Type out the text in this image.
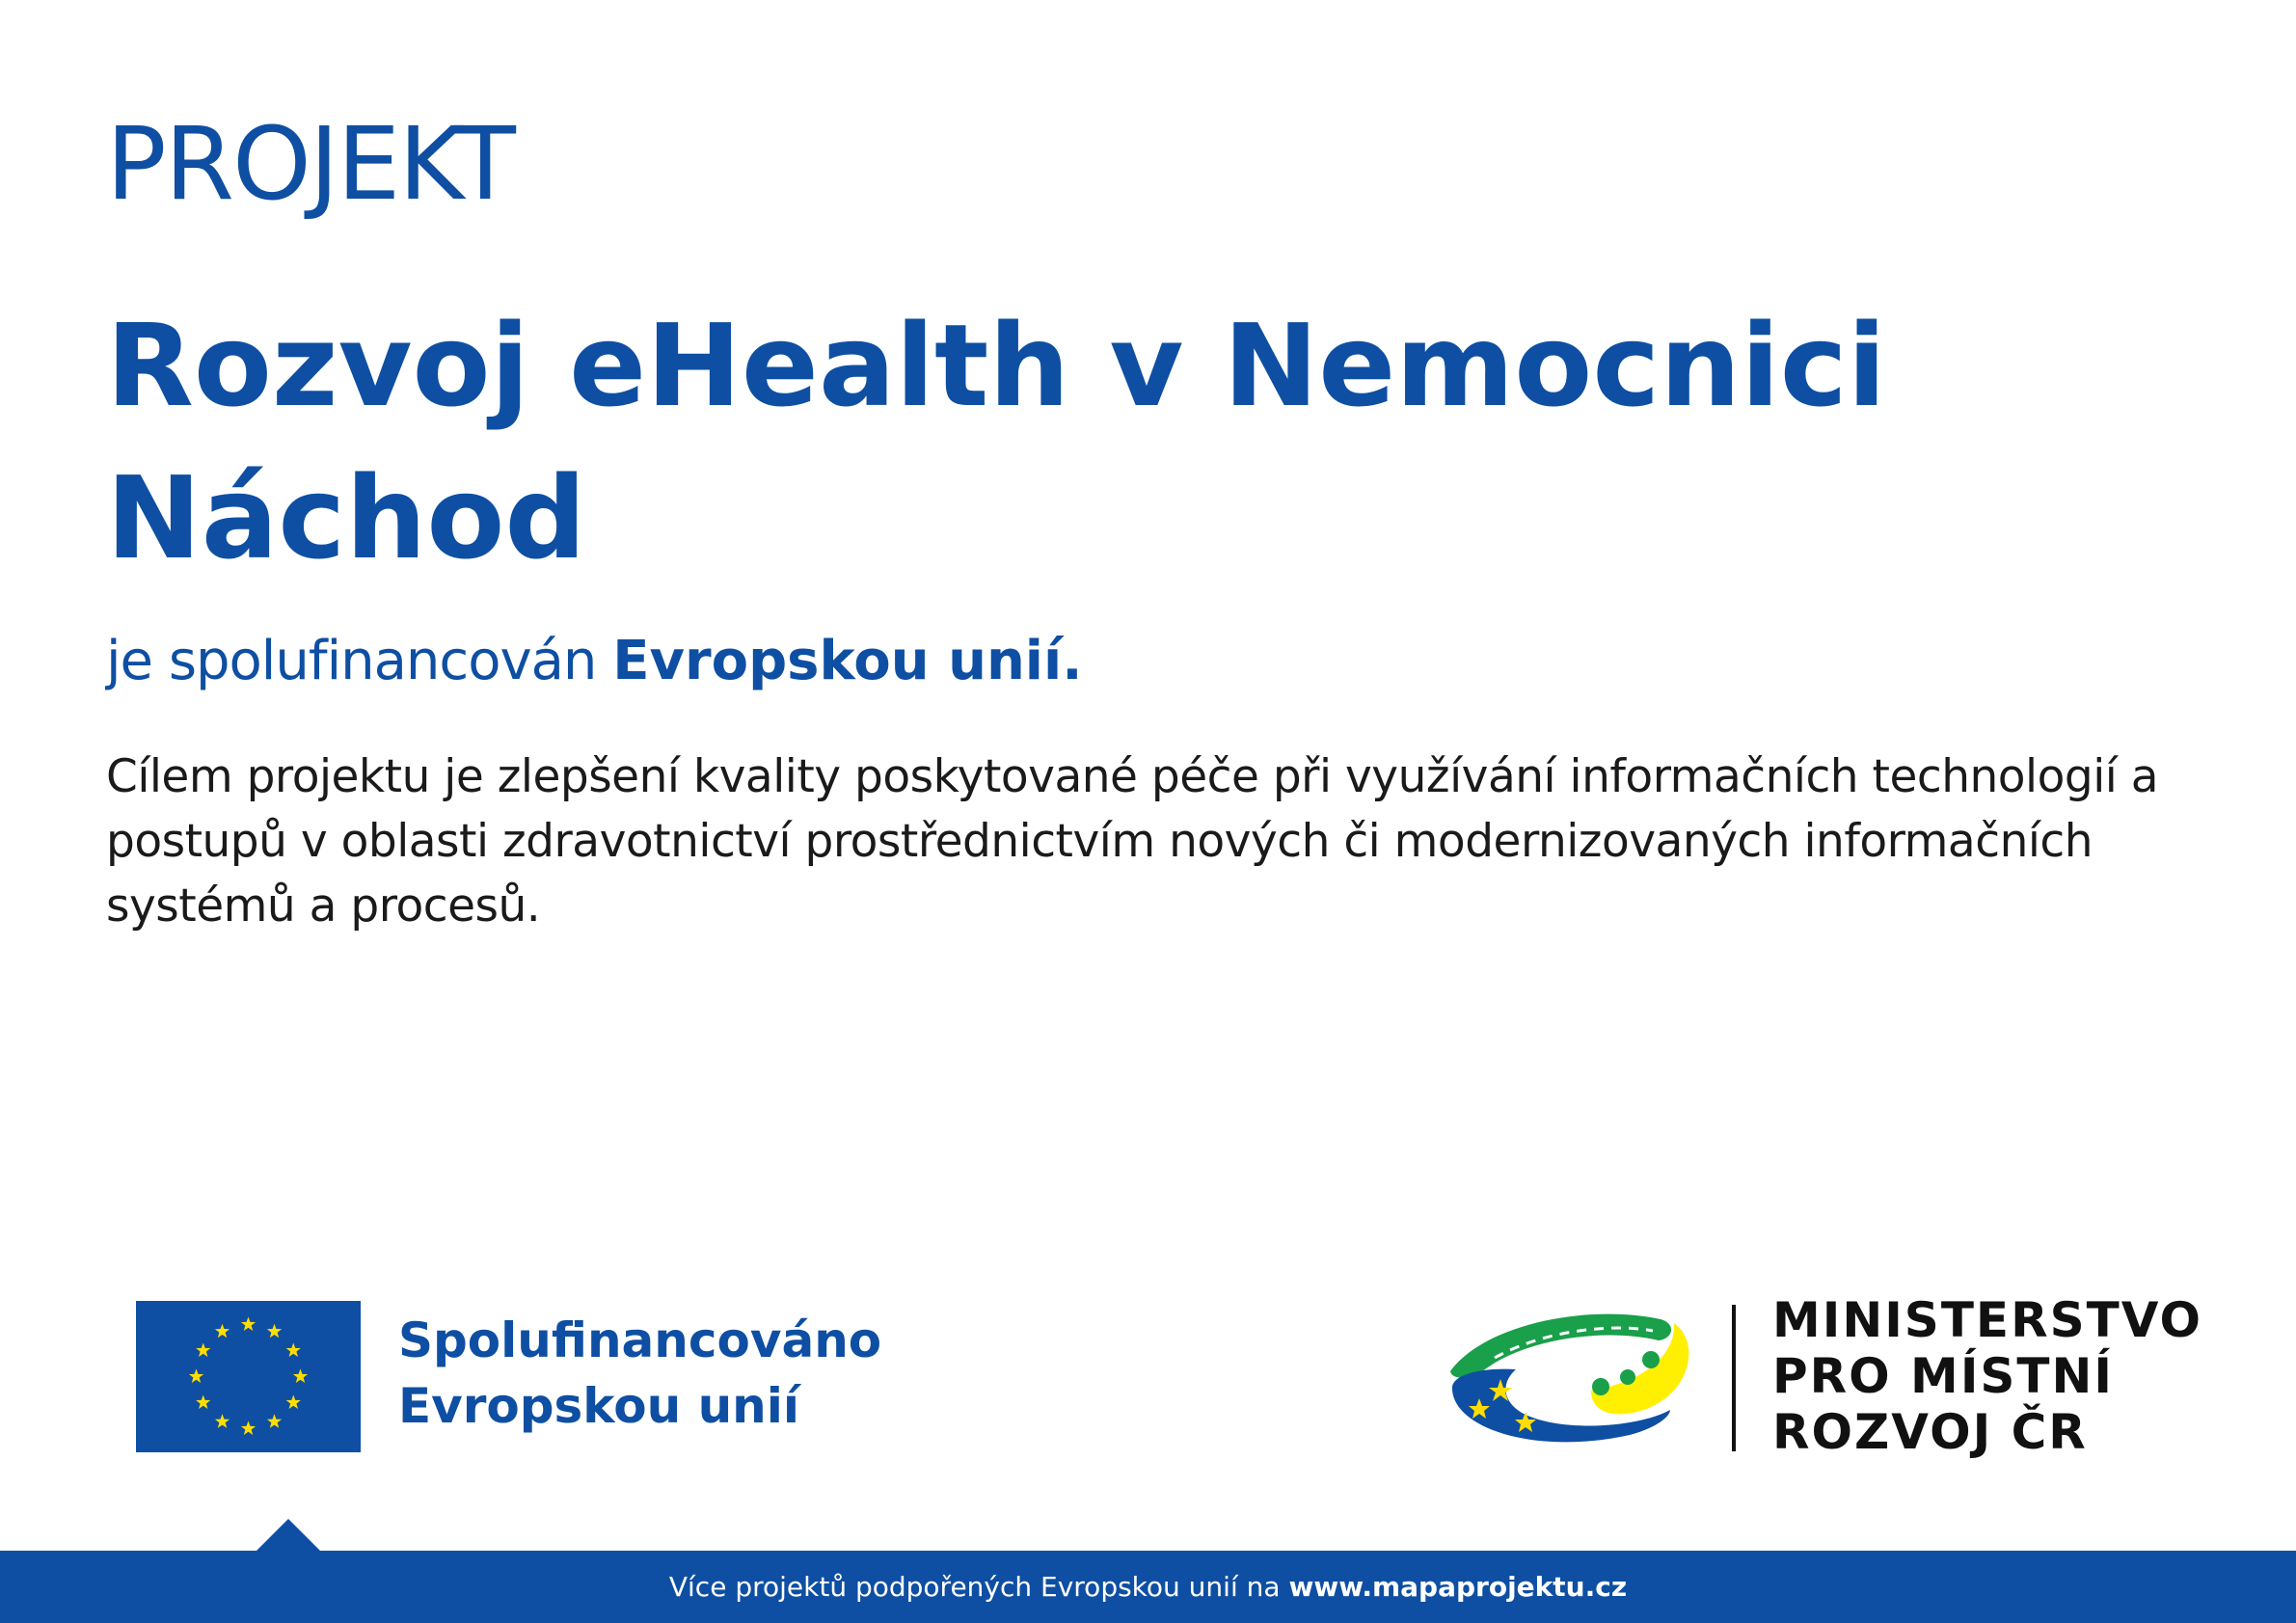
PROJEKT
Rozvoj eHealth v Nemocnici Náchod
je spolufinancován Evropskou unií.

Cílem projektu je zlepšení kvality poskytované péče při využívání informačních technologií a postupů v oblasti zdravotnictví prostřednictvím nových či modernizovaných informačních systémů a procesů.

Spolufinancováno
Evropskou unií
MINISTERSTVO
PRO MÍSTNÍ
ROZVOJ ČR
Více projektů podpořených Evropskou unií na www.mapaprojektu.cz
